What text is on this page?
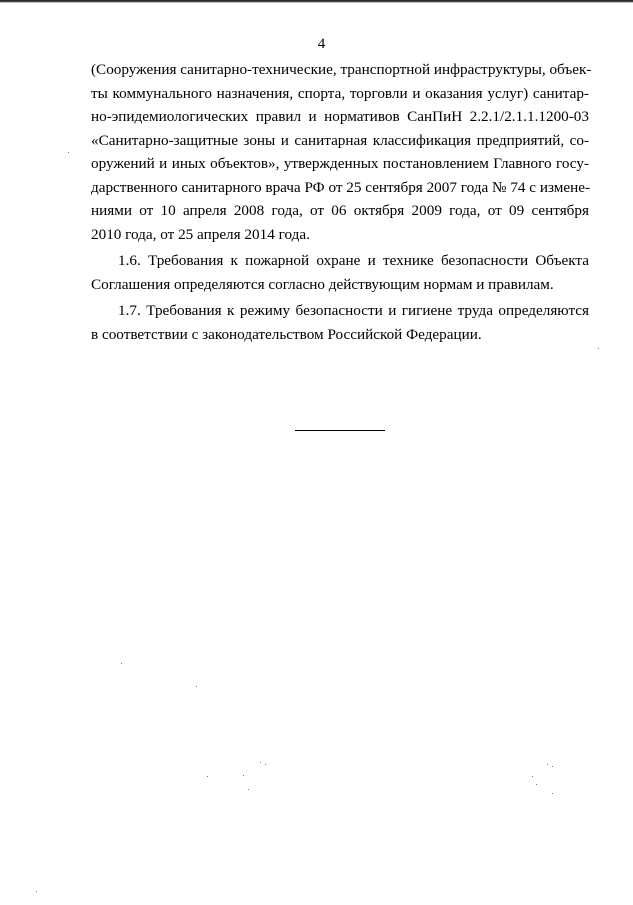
4
(Сооружения санитарно-технические, транспортной инфраструктуры, объек-
ты коммунального назначения, спорта, торговли и оказания услуг) санитар-
но-эпидемиологических правил и нормативов СанПиН 2.2.1/2.1.1.1200-03
«Санитарно-защитные зоны и санитарная классификация предприятий, со-
оружений и иных объектов», утвержденных постановлением Главного госу-
дарственного санитарного врача РФ от 25 сентября 2007 года № 74 с измене-
ниями от 10 апреля 2008 года, от 06 октября 2009 года, от 09 сентября
2010 года, от 25 апреля 2014 года.
1.6. Требования к пожарной охране и технике безопасности Объекта
Соглашения определяются согласно действующим нормам и правилам.
1.7. Требования к режиму безопасности и гигиене труда определяются
в соответствии с законодательством Российской Федерации.
